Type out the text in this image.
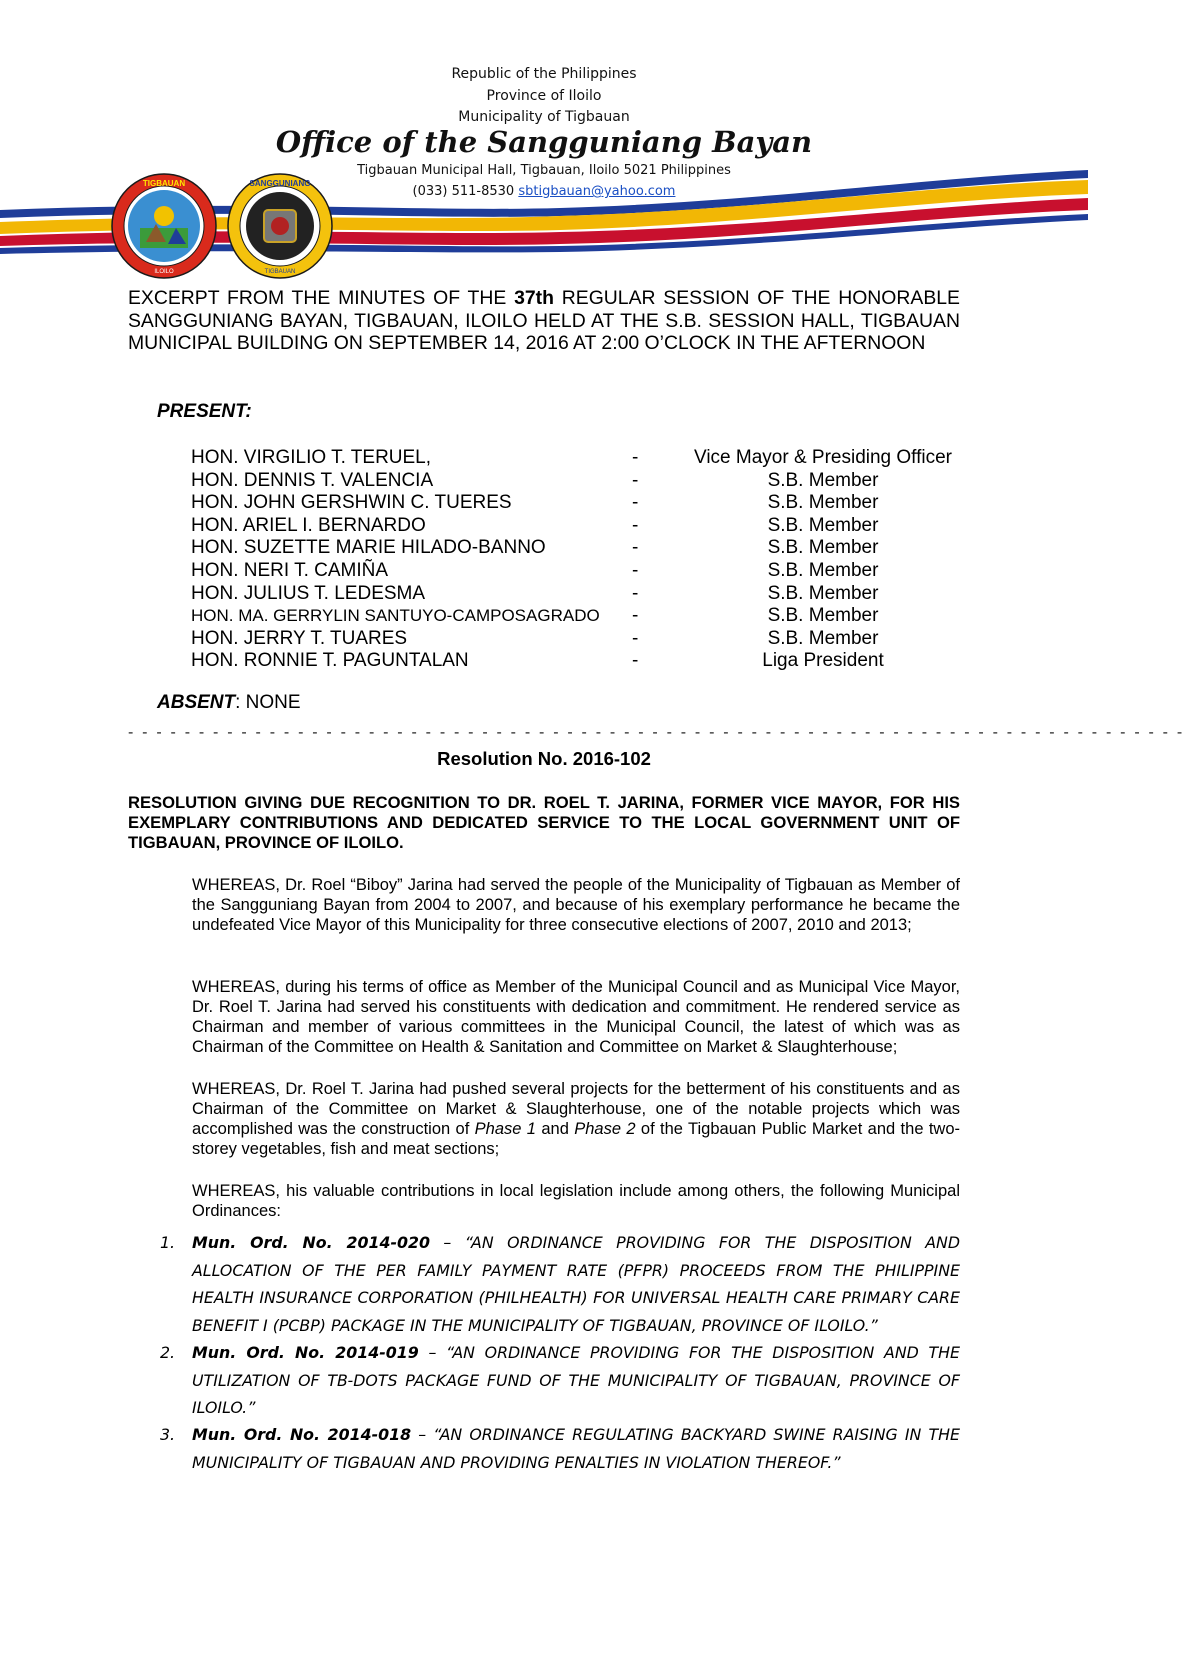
Republic of the Philippines
Province of Iloilo
Municipality of Tigbauan
Office of the Sangguniang Bayan
Tigbauan Municipal Hall, Tigbauan, Iloilo 5021 Philippines
(033) 511-8530 sbtigbauan@yahoo.com
TIGBAUAN
ILOILO
SANGGUNIANG
TIGBAUAN
EXCERPT FROM THE MINUTES OF THE 37th REGULAR SESSION OF THE HONORABLE SANGGUNIANG BAYAN, TIGBAUAN, ILOILO HELD AT THE S.B. SESSION HALL, TIGBAUAN MUNICIPAL BUILDING ON SEPTEMBER 14, 2016 AT 2:00 O’CLOCK IN THE AFTERNOON
PRESENT:
HON. VIRGILIO T. TERUEL,	-	Vice Mayor & Presiding Officer
HON. DENNIS T. VALENCIA	-	S.B. Member
HON. JOHN GERSHWIN C. TUERES	-	S.B. Member
HON. ARIEL I. BERNARDO	-	S.B. Member
HON. SUZETTE MARIE HILADO-BANNO	-	S.B. Member
HON. NERI T. CAMIÑA	-	S.B. Member
HON. JULIUS T. LEDESMA	-	S.B. Member
HON. MA. GERRYLIN SANTUYO-CAMPOSAGRADO -	S.B. Member
HON. JERRY T. TUARES	-	S.B. Member
HON. RONNIE T. PAGUNTALAN	-	Liga President
ABSENT: NONE
- - - - - - - - - - - - - - - - - - - - - - - - - - - - - - - - - - - - - - - - - - - - - - - - - - - - - - - - - - - - - - - - - - - - - - - - - - -
Resolution No. 2016-102
RESOLUTION GIVING DUE RECOGNITION TO DR. ROEL T. JARINA, FORMER VICE MAYOR, FOR HIS EXEMPLARY CONTRIBUTIONS AND DEDICATED SERVICE TO THE LOCAL GOVERNMENT UNIT OF TIGBAUAN, PROVINCE OF ILOILO.
WHEREAS, Dr. Roel “Biboy” Jarina had served the people of the Municipality of Tigbauan as Member of the Sangguniang Bayan from 2004 to 2007, and because of his exemplary performance he became the undefeated Vice Mayor of this Municipality for three consecutive elections of 2007, 2010 and 2013;
WHEREAS, during his terms of office as Member of the Municipal Council and as Municipal Vice Mayor, Dr. Roel T. Jarina had served his constituents with dedication and commitment. He rendered service as Chairman and member of various committees in the Municipal Council, the latest of which was as Chairman of the Committee on Health & Sanitation and Committee on Market & Slaughterhouse;
WHEREAS, Dr. Roel T. Jarina had pushed several projects for the betterment of his constituents and as Chairman of the Committee on Market & Slaughterhouse, one of the notable projects which was accomplished was the construction of Phase 1 and Phase 2 of the Tigbauan Public Market and the two-storey vegetables, fish and meat sections;
WHEREAS, his valuable contributions in local legislation include among others, the following Municipal Ordinances:
1. Mun. Ord. No. 2014-020 – “AN ORDINANCE PROVIDING FOR THE DISPOSITION AND ALLOCATION OF THE PER FAMILY PAYMENT RATE (PFPR) PROCEEDS FROM THE PHILIPPINE HEALTH INSURANCE CORPORATION (PHILHEALTH) FOR UNIVERSAL HEALTH CARE PRIMARY CARE BENEFIT I (PCBP) PACKAGE IN THE MUNICIPALITY OF TIGBAUAN, PROVINCE OF ILOILO.”
2. Mun. Ord. No. 2014-019 – “AN ORDINANCE PROVIDING FOR THE DISPOSITION AND THE UTILIZATION OF TB-DOTS PACKAGE FUND OF THE MUNICIPALITY OF TIGBAUAN, PROVINCE OF ILOILO.”
3. Mun. Ord. No. 2014-018 – “AN ORDINANCE REGULATING BACKYARD SWINE RAISING IN THE MUNICIPALITY OF TIGBAUAN AND PROVIDING PENALTIES IN VIOLATION THEREOF.”
